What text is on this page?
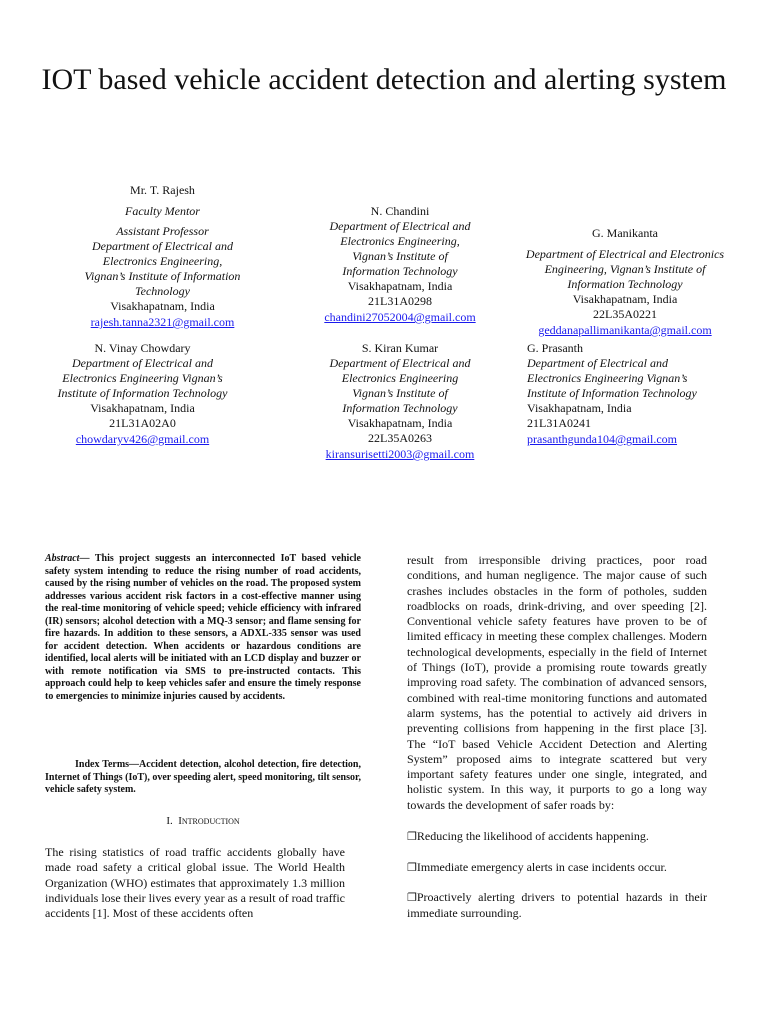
IOT based vehicle accident detection and alerting system
Mr. T. Rajesh
Faculty Mentor
Assistant Professor
Department of Electrical and Electronics Engineering, Vignan’s Institute of Information Technology
Visakhapatnam, India
rajesh.tanna2321@gmail.com
N. Chandini
Department of Electrical and Electronics Engineering, Vignan’s Institute of Information Technology
Visakhapatnam, India
21L31A0298
chandini27052004@gmail.com
G. Manikanta
Department of Electrical and Electronics Engineering, Vignan’s Institute of Information Technology
Visakhapatnam, India
22L35A0221
geddanapallimanikanta@gmail.com
N. Vinay Chowdary
Department of Electrical and Electronics Engineering Vignan’s Institute of Information Technology
Visakhapatnam, India
21L31A02A0
chowdaryv426@gmail.com
S. Kiran Kumar
Department of Electrical and Electronics Engineering Vignan’s Institute of Information Technology
Visakhapatnam, India
22L35A0263
kiransurisetti2003@gmail.com
G. Prasanth
Department of Electrical and Electronics Engineering Vignan’s Institute of Information Technology
Visakhapatnam, India
21L31A0241
prasanthgunda104@gmail.com

Abstract— This project suggests an interconnected IoT based vehicle safety system intending to reduce the rising number of road accidents, caused by the rising number of vehicles on the road. The proposed system addresses various accident risk factors in a cost-effective manner using the real-time monitoring of vehicle speed; vehicle efficiency with infrared (IR) sensors; alcohol detection with a MQ-3 sensor; and flame sensing for fire hazards. In addition to these sensors, a ADXL-335 sensor was used for accident detection. When accidents or hazardous conditions are identified, local alerts will be initiated with an LCD display and buzzer or with remote notification via SMS to pre-instructed contacts. This approach could help to keep vehicles safer and ensure the timely response to emergencies to minimize injuries caused by accidents.

Index Terms—Accident detection, alcohol detection, fire detection, Internet of Things (IoT), over speeding alert, speed monitoring, tilt sensor, vehicle safety system.

I. Introduction

The rising statistics of road traffic accidents globally have made road safety a critical global issue. The World Health Organization (WHO) estimates that approximately 1.3 million individuals lose their lives every year as a result of road traffic accidents [1]. Most of these accidents often

result from irresponsible driving practices, poor road conditions, and human negligence. The major cause of such crashes includes obstacles in the form of potholes, sudden roadblocks on roads, drink-driving, and over speeding [2]. Conventional vehicle safety features have proven to be of limited efficacy in meeting these complex challenges. Modern technological developments, especially in the field of Internet of Things (IoT), provide a promising route towards greatly improving road safety. The combination of advanced sensors, combined with real-time monitoring functions and automated alarm systems, has the potential to actively aid drivers in preventing collisions from happening in the first place [3]. The “IoT based Vehicle Accident Detection and Alerting System” proposed aims to integrate scattered but very important safety features under one single, integrated, and holistic system. In this way, it purports to go a long way towards the development of safer roads by:

❐Reducing the likelihood of accidents happening.
❐Immediate emergency alerts in case incidents occur.
❐Proactively alerting drivers to potential hazards in their immediate surrounding.
